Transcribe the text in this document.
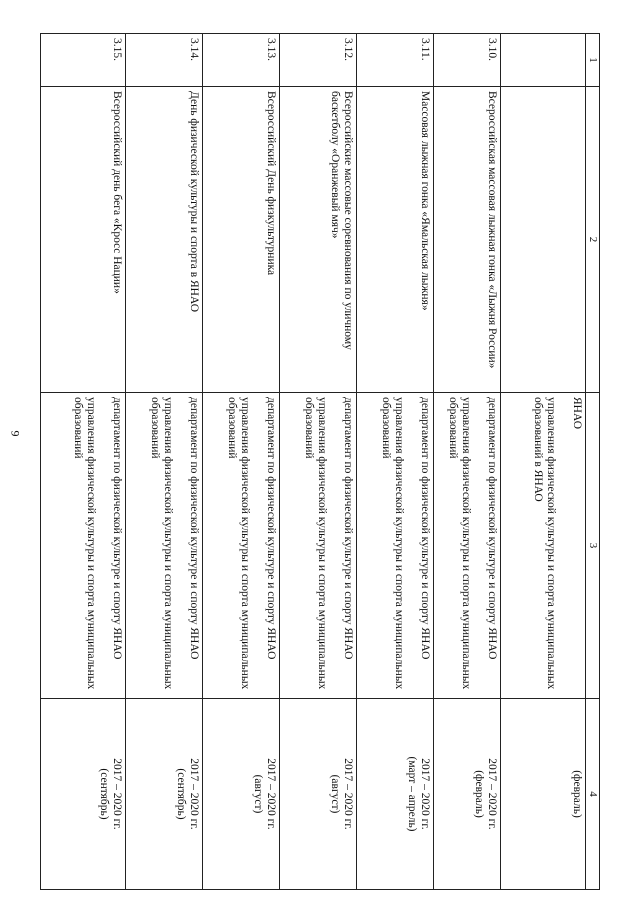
9
1	2	3	4

		ЯНАО
управления физической культуры и спорта муниципальных образований в ЯНАО	(февраль)

3.10.	Всероссийская массовая лыжная гонка «Лыжня России»	департамент по физической культуре и спорту ЯНАО
управления физической культуры и спорта муниципальных образований	2017 – 2020 гг.
(февраль)

3.11.	Массовая лыжная гонка «Ямальская лыжня»	департамент по физической культуре и спорту ЯНАО
управления физической культуры и спорта муниципальных образований	2017 – 2020 гг.
(март – апрель)

3.12.	Всероссийские массовые соревнования по уличному баскетболу «Оранжевый мяч»	департамент по физической культуре и спорту ЯНАО
управления физической культуры и спорта муниципальных образований	2017 – 2020 гг.
(август)

3.13.	Всероссийский День физкультурника	департамент по физической культуре и спорту ЯНАО
управления физической культуры и спорта муниципальных образований	2017 – 2020 гг.
(август)

3.14.	День физической культуры и спорта в ЯНАО	департамент по физической культуре и спорту ЯНАО
управления физической культуры и спорта муниципальных образований	2017 – 2020 гг.
(сентябрь)

3.15.	Всероссийский день бега «Кросс Нации»	департамент по физической культуре и спорту ЯНАО
управления физической культуры и спорта муниципальных образований	2017 – 2020 гг.
(сентябрь)
